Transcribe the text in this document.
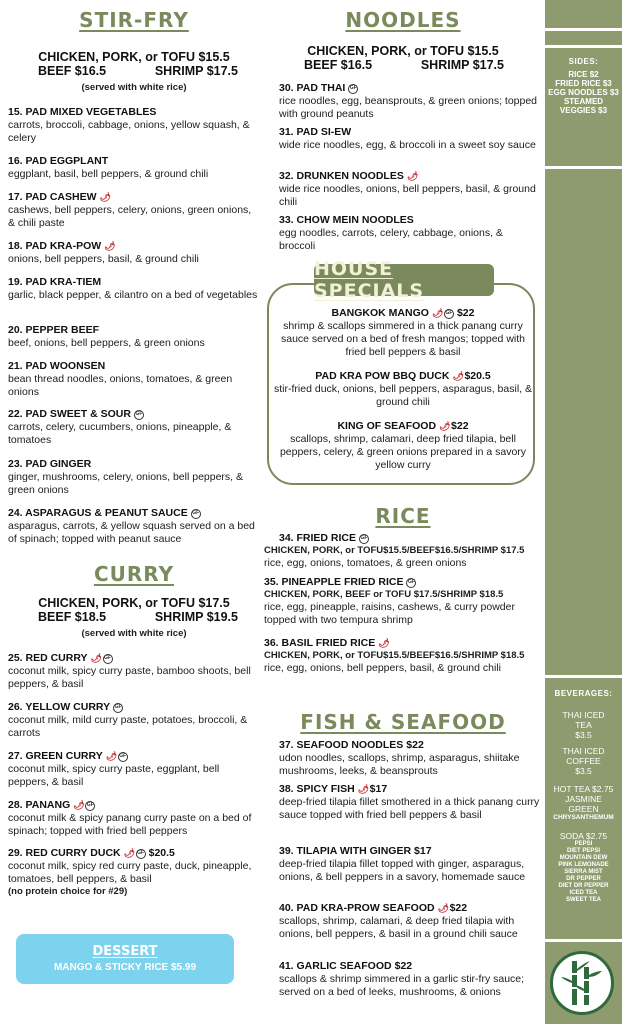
STIR-FRY
CHICKEN, PORK, or TOFU $15.5
BEEF $16.5	SHRIMP $17.5
(served with white rice)
15. PAD MIXED VEGETABLES
carrots, broccoli, cabbage, onions, yellow squash, & celery
16. PAD EGGPLANT
eggplant, basil, bell peppers, & ground chili
17. PAD CASHEW 🌶
cashews, bell peppers, celery, onions, green onions, & chili paste
18. PAD KRA-POW 🌶
onions, bell peppers, basil, & ground chili
19. PAD KRA-TIEM
garlic, black pepper, & cilantro on a bed of vegetables
20. PEPPER BEEF
beef, onions, bell peppers, & green onions
21. PAD WOONSEN
bean thread noodles, onions, tomatoes, & green onions
22. PAD SWEET & SOUR GF
carrots, celery, cucumbers, onions, pineapple, & tomatoes
23. PAD GINGER
ginger, mushrooms, celery, onions, bell peppers, & green onions
24. ASPARAGUS & PEANUT SAUCE GF
asparagus, carrots, & yellow squash served on a bed of spinach; topped with peanut sauce
CURRY
CHICKEN, PORK, or TOFU $17.5
BEEF $18.5	SHRIMP $19.5
(served with white rice)
25. RED CURRY 🌶 GF
coconut milk, spicy curry paste, bamboo shoots, bell peppers, & basil
26. YELLOW CURRY GF
coconut milk, mild curry paste, potatoes, broccoli, & carrots
27. GREEN CURRY 🌶 GF
coconut milk, spicy curry paste, eggplant, bell peppers, & basil
28. PANANG 🌶 GF
coconut milk & spicy panang curry paste on a bed of spinach; topped with fried bell peppers
29. RED CURRY DUCK 🌶 GF $20.5
coconut milk, spicy red curry paste, duck, pineapple, tomatoes, bell peppers, & basil
(no protein choice for #29)
DESSERT
MANGO & STICKY RICE $5.99
NOODLES
CHICKEN, PORK, or TOFU $15.5
BEEF $16.5	SHRIMP $17.5
30. PAD THAI GF
rice noodles, egg, beansprouts, & green onions; topped with ground peanuts
31. PAD SI-EW
wide rice noodles, egg, & broccoli in a sweet soy sauce
32. DRUNKEN NOODLES 🌶
wide rice noodles, onions, bell peppers, basil, & ground chili
33. CHOW MEIN NOODLES
egg noodles, carrots, celery, cabbage, onions, & broccoli
HOUSE SPECIALS
BANGKOK MANGO 🌶 GF $22
shrimp & scallops simmered in a thick panang curry sauce served on a bed of fresh mangos; topped with fried bell peppers & basil
PAD KRA POW BBQ DUCK 🌶 $20.5
stir-fried duck, onions, bell peppers, asparagus, basil, & ground chili
KING OF SEAFOOD 🌶 $22
scallops, shrimp, calamari, deep fried tilapia, bell peppers, celery, & green onions prepared in a savory yellow curry
RICE
34. FRIED RICE GF
CHICKEN, PORK, or TOFU$15.5/BEEF$16.5/SHRIMP $17.5
rice, egg, onions, tomatoes, & green onions
35. PINEAPPLE FRIED RICE GF
CHICKEN, PORK, BEEF or TOFU $17.5/SHRIMP $18.5
rice, egg, pineapple, raisins, cashews, & curry powder topped with two tempura shrimp
36. BASIL FRIED RICE 🌶
CHICKEN, PORK, or TOFU$15.5/BEEF$16.5/SHRIMP $18.5
rice, egg, onions, bell peppers, basil, & ground chili
FISH & SEAFOOD
37. SEAFOOD NOODLES $22
udon noodles, scallops, shrimp, asparagus, shiitake mushrooms, leeks, & beansprouts
38. SPICY FISH 🌶 $17
deep-fried tilapia fillet smothered in a thick panang curry sauce topped with fried bell peppers & basil
39. TILAPIA WITH GINGER $17
deep-fried tilapia fillet topped with ginger, asparagus, onions, & bell peppers in a savory, homemade sauce
40. PAD KRA-PROW SEAFOOD 🌶 $22
scallops, shrimp, calamari, & deep fried tilapia with onions, bell peppers, & basil in a ground chili sauce
41. GARLIC SEAFOOD $22
scallops & shrimp simmered in a garlic stir-fry sauce; served on a bed of leeks, mushrooms, & onions
SIDES:
RICE $2
FRIED RICE $3
EGG NOODLES $3
STEAMED
VEGGIES $3
BEVERAGES:
THAI ICED TEA
$3.5
THAI ICED COFFEE
$3.5
HOT TEA $2.75
JASMINE
GREEN
CHRYSANTHEMUM
SODA $2.75
PEPSI
DIET PEPSI
MOUNTAIN DEW
PINK LEMONADE
SIERRA MIST
DR PEPPER
DIET DR PEPPER
ICED TEA
SWEET TEA
